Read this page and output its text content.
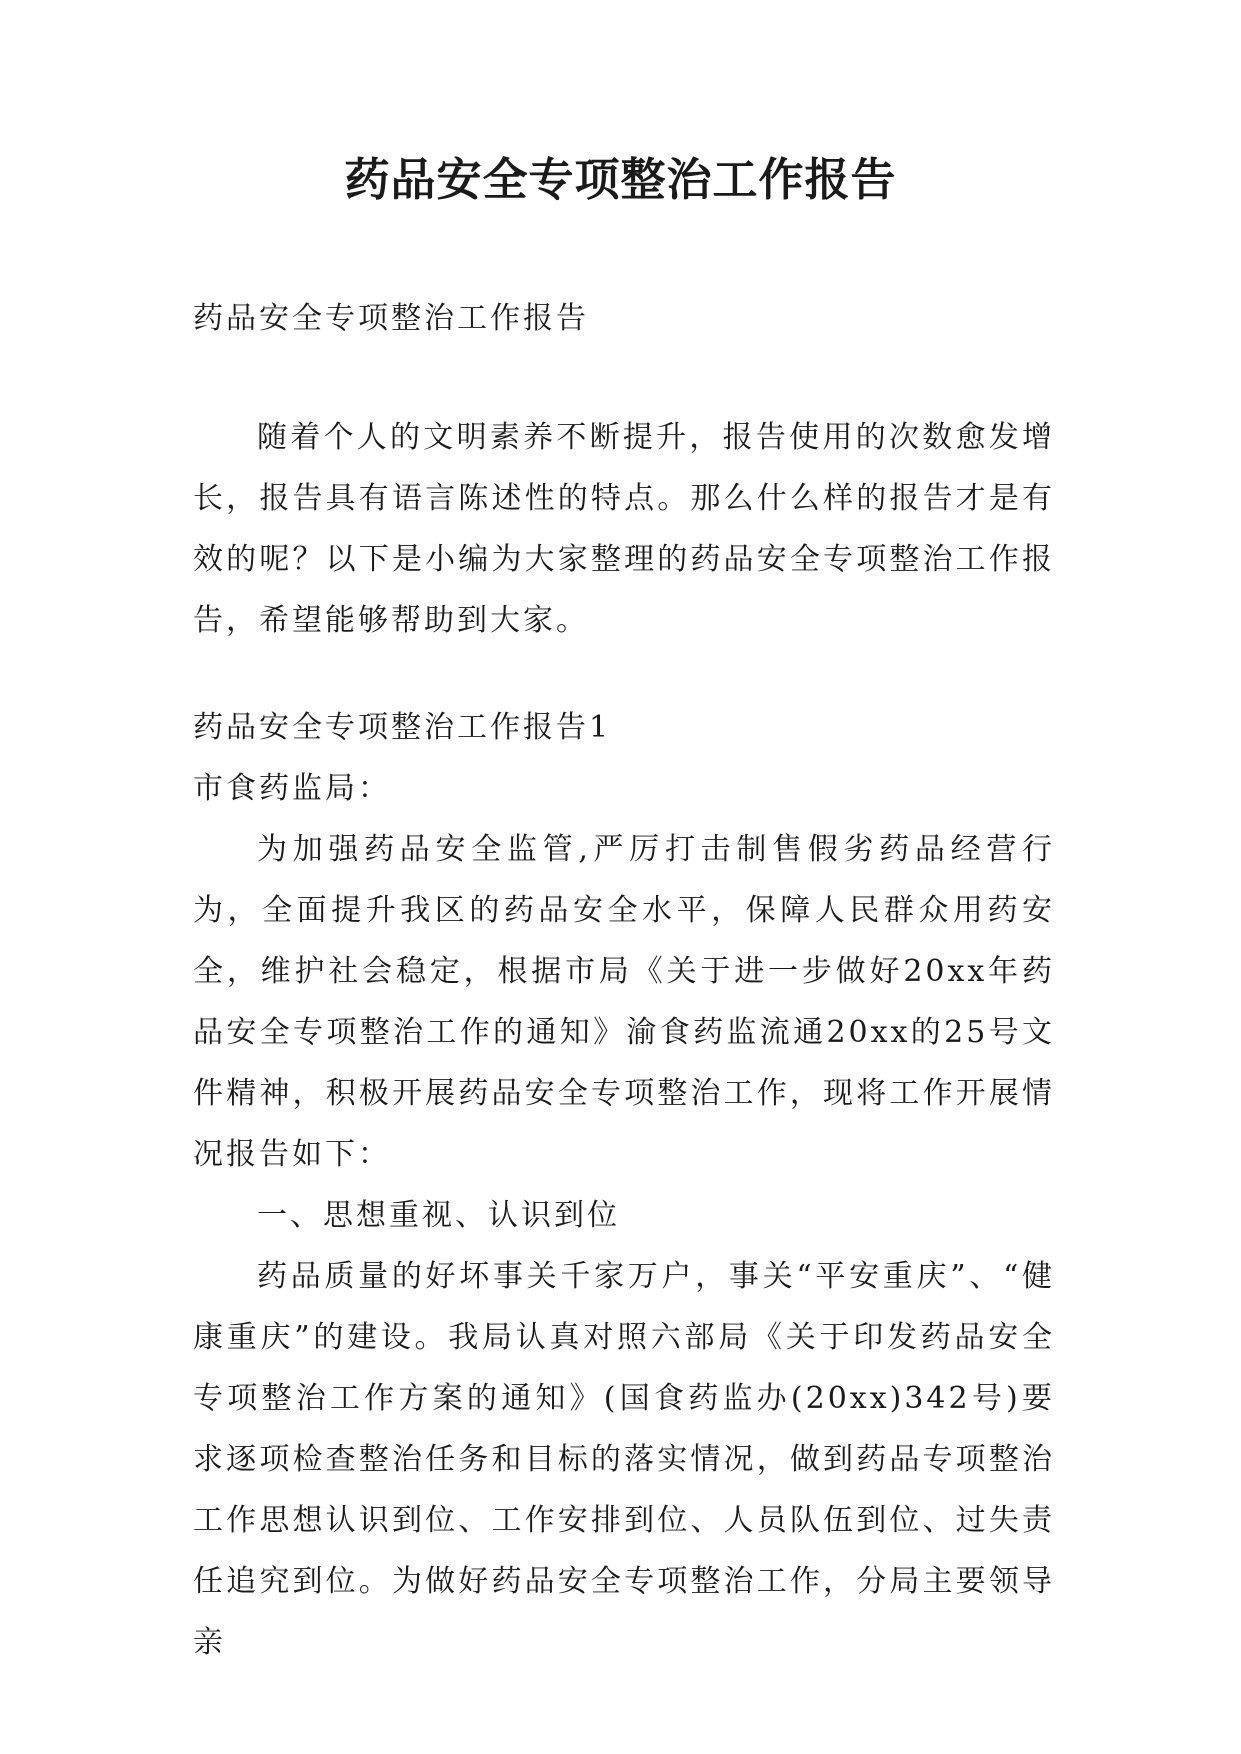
药品安全专项整治工作报告
药品安全专项整治工作报告

随着个人的文明素养不断提升，报告使用的次数愈发增长，报告具有语言陈述性的特点。那么什么样的报告才是有效的呢？以下是小编为大家整理的药品安全专项整治工作报告，希望能够帮助到大家。

药品安全专项整治工作报告1

市食药监局：

为加强药品安全监管,严厉打击制售假劣药品经营行为，全面提升我区的药品安全水平，保障人民群众用药安全，维护社会稳定，根据市局《关于进一步做好20xx年药品安全专项整治工作的通知》渝食药监流通20xx的25号文件精神，积极开展药品安全专项整治工作，现将工作开展情况报告如下：

一、思想重视、认识到位

药品质量的好坏事关千家万户，事关“平安重庆”、“健康重庆”的建设。我局认真对照六部局《关于印发药品安全专项整治工作方案的通知》(国食药监办(20xx)342号)要求逐项检查整治任务和目标的落实情况，做到药品专项整治工作思想认识到位、工作安排到位、人员队伍到位、过失责任追究到位。为做好药品安全专项整治工作，分局主要领导亲
